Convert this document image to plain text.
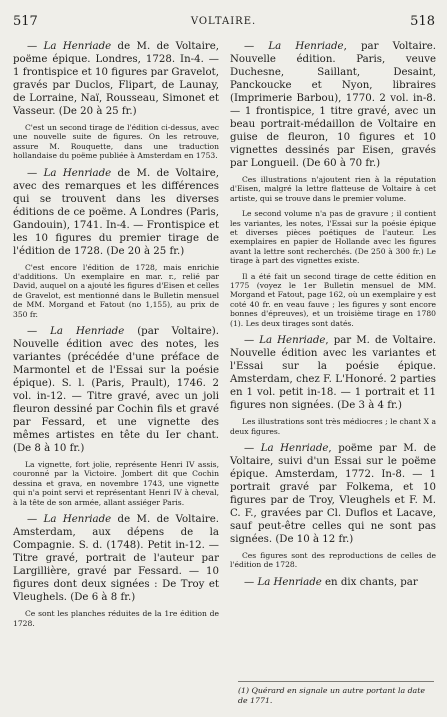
517	VOLTAIRE.	518

— La Henriade de M. de Voltaire, poëme épique. Londres, 1728. In-4. — 1 frontispice et 10 figures par Gravelot, gravés par Duclos, Flipart, de Launay, de Lorraine, Naï, Rousseau, Simonet et Vasseur. (De 20 à 25 fr.)

C'est un second tirage de l'édition ci-dessus, avec une nouvelle suite de figures. On les retrouve, assure M. Rouquette, dans une traduction hollandaise du poëme publiée à Amsterdam en 1753.

— La Henriade de M. de Voltaire, avec des remarques et les différences qui se trouvent dans les diverses éditions de ce poëme. A Londres (Paris, Gandouin), 1741. In-4. — Frontispice et les 10 figures du premier tirage de l'édition de 1728. (De 20 à 25 fr.)

C'est encore l'édition de 1728, mais enrichie d'additions. Un exemplaire en mar. r., relié par David, auquel on a ajouté les figures d'Eisen et celles de Gravelot, est mentionné dans le Bulletin mensuel de MM. Morgand et Fatout (no 1,155), au prix de 350 fr.

— La Henriade (par Voltaire). Nouvelle édition avec des notes, les variantes (précédée d'une préface de Marmontel et de l'Essai sur la poésie épique). S. l. (Paris, Prault), 1746. 2 vol. in-12. — Titre gravé, avec un joli fleuron dessiné par Cochin fils et gravé par Fessard, et une vignette des mêmes artistes en tête du Ier chant. (De 8 à 10 fr.)

La vignette, fort jolie, représente Henri IV assis, couronné par la Victoire. Jombert dit que Cochin dessina et grava, en novembre 1743, une vignette qui n'a point servi et représentant Henri IV à cheval, à la tête de son armée, allant assiéger Paris.

— La Henriade de M. de Voltaire. Amsterdam, aux dépens de la Compagnie. S. d. (1748). Petit in-12. — Titre gravé, portrait de l'auteur par Largillière, gravé par Fessard. — 10 figures dont deux signées : De Troy et Vleughels. (De 6 à 8 fr.)

Ce sont les planches réduites de la 1re édition de 1728.

— La Henriade, par Voltaire. Nouvelle édition. Paris, veuve Duchesne, Saillant, Desaint, Panckoucke et Nyon, libraires (Imprimerie Barbou), 1770. 2 vol. in-8. — 1 frontispice, 1 titre gravé, avec un beau portrait-médaillon de Voltaire en guise de fleuron, 10 figures et 10 vignettes dessinés par Eisen, gravés par Longueil. (De 60 à 70 fr.)

Ces illustrations n'ajoutent rien à la réputation d'Eisen, malgré la lettre flatteuse de Voltaire à cet artiste, qui se trouve dans le premier volume.

Le second volume n'a pas de gravure ; il contient les variantes, les notes, l'Essai sur la poésie épique et diverses pièces poétiques de l'auteur. Les exemplaires en papier de Hollande avec les figures avant la lettre sont recherchés. (De 250 à 300 fr.) Le tirage à part des vignettes existe.

Il a été fait un second tirage de cette édition en 1775 (voyez le 1er Bulletin mensuel de MM. Morgand et Fatout, page 162, où un exemplaire y est coté 40 fr. en veau fauve ; les figures y sont encore bonnes d'épreuves), et un troisième tirage en 1780 (1). Les deux tirages sont datés.

— La Henriade, par M. de Voltaire. Nouvelle édition avec les variantes et l'Essai sur la poésie épique. Amsterdam, chez F. L'Honoré. 2 parties en 1 vol. petit in-18. — 1 portrait et 11 figures non signées. (De 3 à 4 fr.)

Les illustrations sont très médiocres ; le chant X a deux figures.

— La Henriade, poëme par M. de Voltaire, suivi d'un Essai sur le poëme épique. Amsterdam, 1772. In-8. — 1 portrait gravé par Folkema, et 10 figures par de Troy, Vleughels et F. M. C. F., gravées par Cl. Duflos et Lacave, sauf peut-être celles qui ne sont pas signées. (De 10 à 12 fr.)

Ces figures sont des reproductions de celles de l'édition de 1728.

— La Henriade en dix chants, par

(1) Quérard en signale un autre portant la date de 1771.
